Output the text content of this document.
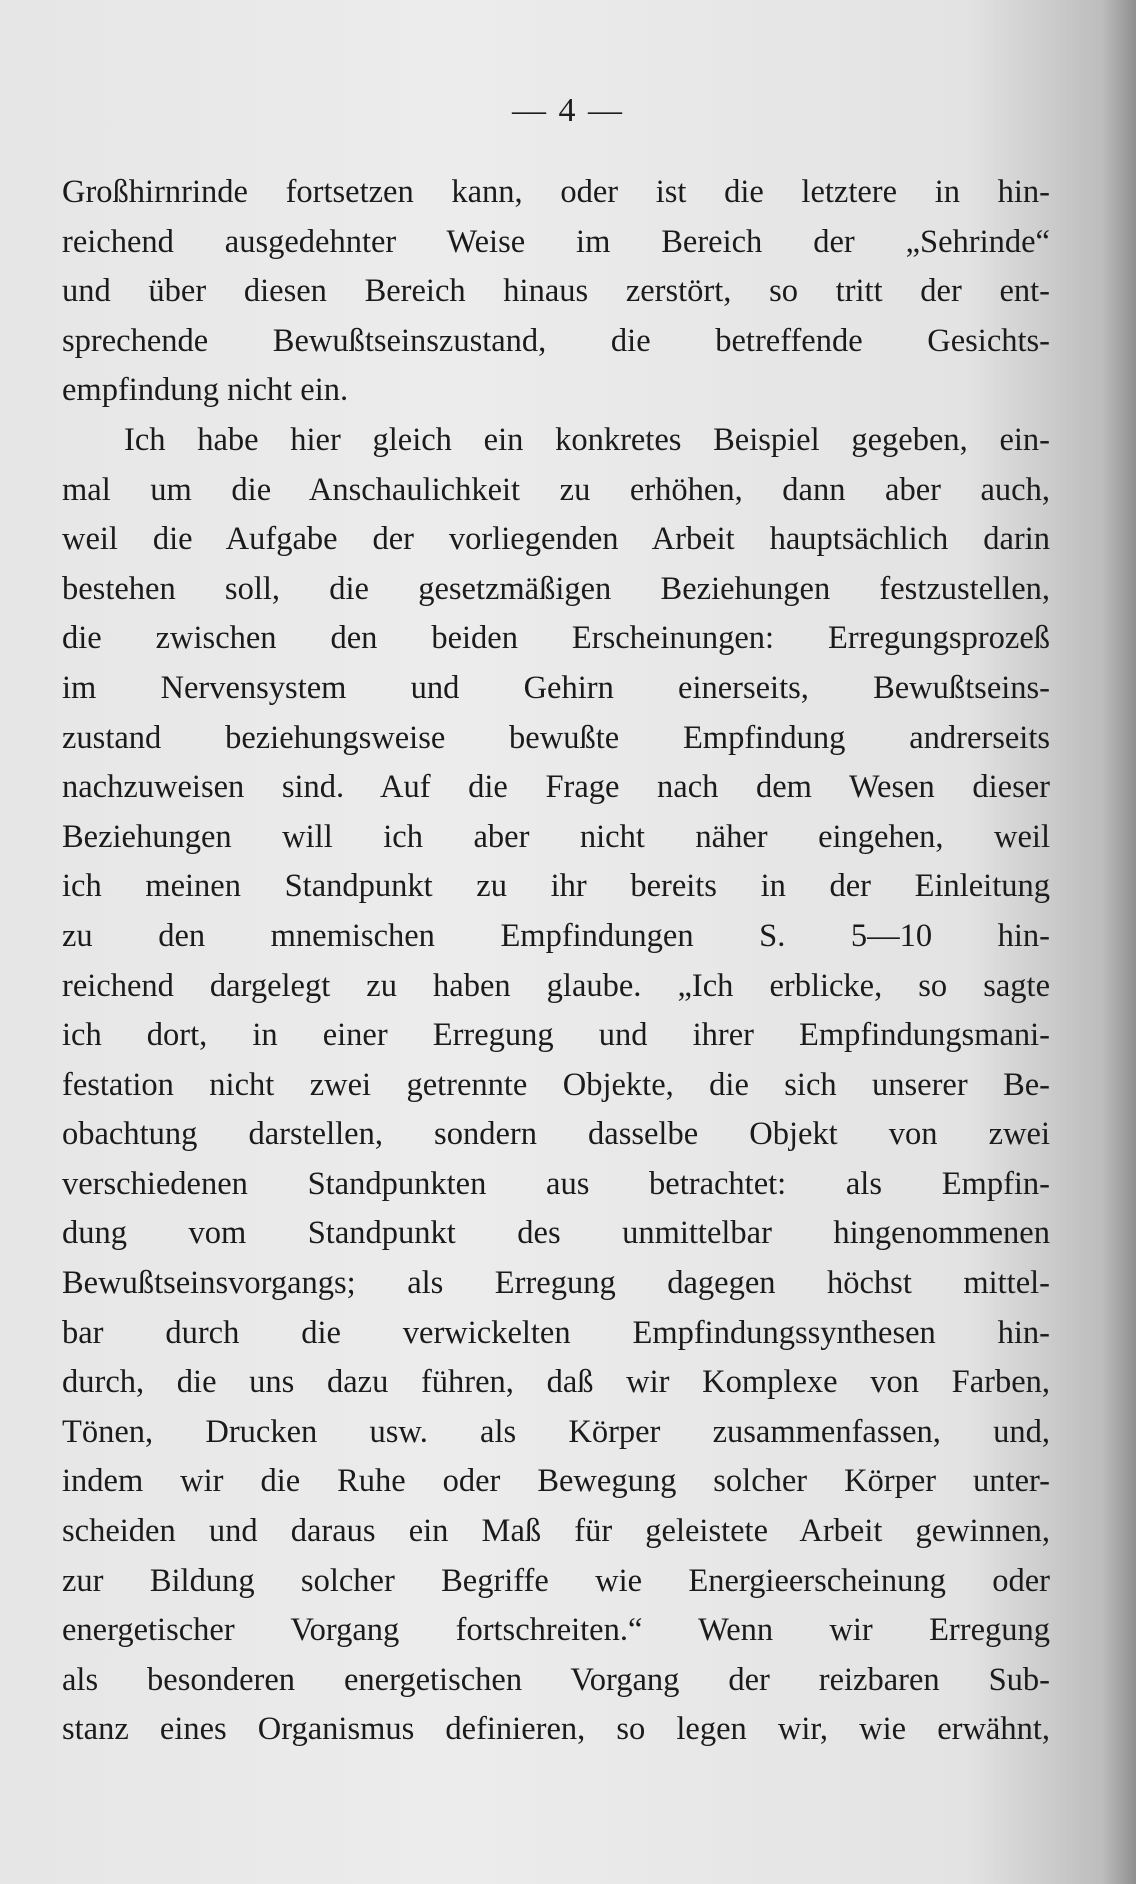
— 4 —
Großhirnrinde fortsetzen kann, oder ist die letztere in hin-
reichend ausgedehnter Weise im Bereich der „Sehrinde“
und über diesen Bereich hinaus zerstört, so tritt der ent-
sprechende Bewußtseinszustand, die betreffende Gesichts-
empfindung nicht ein.
Ich habe hier gleich ein konkretes Beispiel gegeben, ein-
mal um die Anschaulichkeit zu erhöhen, dann aber auch,
weil die Aufgabe der vorliegenden Arbeit hauptsächlich darin
bestehen soll, die gesetzmäßigen Beziehungen festzustellen,
die zwischen den beiden Erscheinungen: Erregungsprozeß
im Nervensystem und Gehirn einerseits, Bewußtseins-
zustand beziehungsweise bewußte Empfindung andrerseits
nachzuweisen sind. Auf die Frage nach dem Wesen dieser
Beziehungen will ich aber nicht näher eingehen, weil
ich meinen Standpunkt zu ihr bereits in der Einleitung
zu den mnemischen Empfindungen S. 5—10 hin-
reichend dargelegt zu haben glaube. „Ich erblicke, so sagte
ich dort, in einer Erregung und ihrer Empfindungsmani-
festation nicht zwei getrennte Objekte, die sich unserer Be-
obachtung darstellen, sondern dasselbe Objekt von zwei
verschiedenen Standpunkten aus betrachtet: als Empfin-
dung vom Standpunkt des unmittelbar hingenommenen
Bewußtseinsvorgangs; als Erregung dagegen höchst mittel-
bar durch die verwickelten Empfindungssynthesen hin-
durch, die uns dazu führen, daß wir Komplexe von Farben,
Tönen, Drucken usw. als Körper zusammenfassen, und,
indem wir die Ruhe oder Bewegung solcher Körper unter-
scheiden und daraus ein Maß für geleistete Arbeit gewinnen,
zur Bildung solcher Begriffe wie Energieerscheinung oder
energetischer Vorgang fortschreiten.“ Wenn wir Erregung
als besonderen energetischen Vorgang der reizbaren Sub-
stanz eines Organismus definieren, so legen wir, wie erwähnt,
